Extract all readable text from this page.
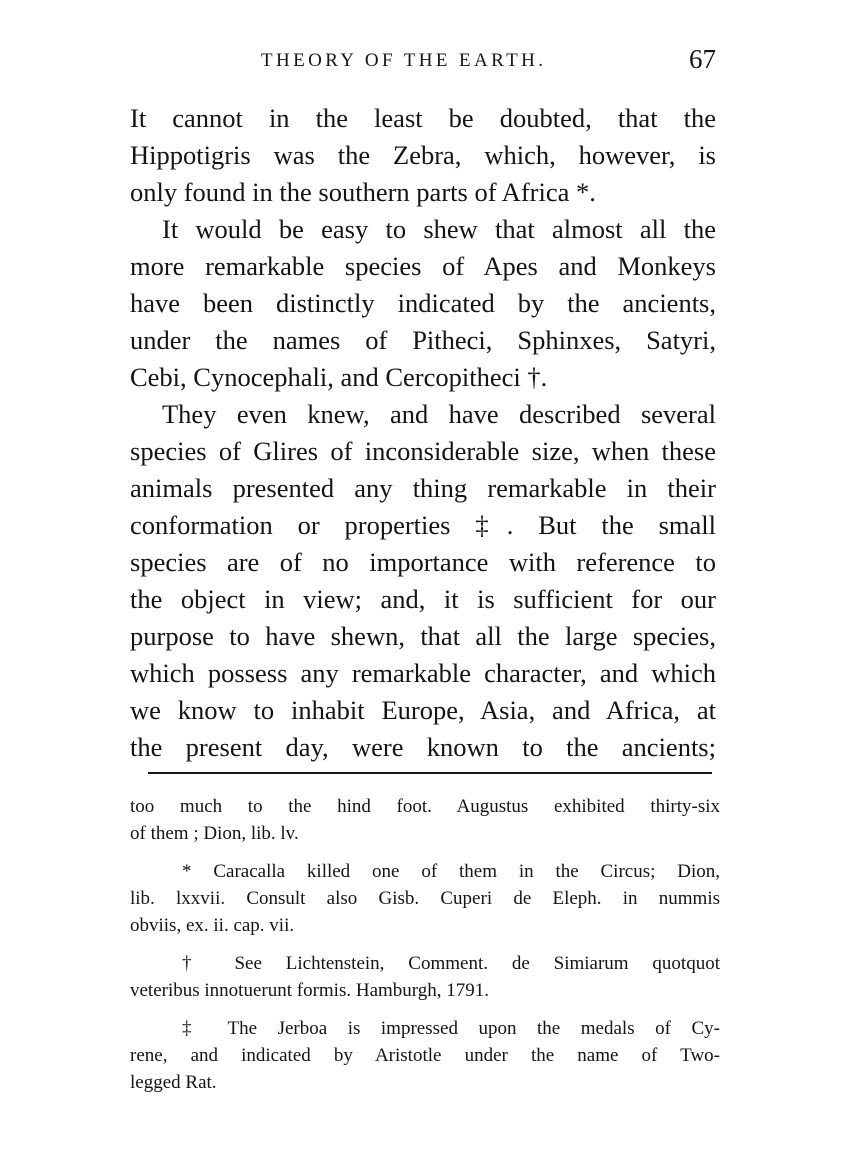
THEORY OF THE EARTH.	67
It cannot in the least be doubted, that the
Hippotigris was the Zebra, which, however, is
only found in the southern parts of Africa *.
It would be easy to shew that almost all the
more remarkable species of Apes and Monkeys
have been distinctly indicated by the ancients,
under the names of Pitheci, Sphinxes, Satyri,
Cebi, Cynocephali, and Cercopitheci †.
They even knew, and have described several
species of Glires of inconsiderable size, when these
animals presented any thing remarkable in their
conformation or properties ‡. But the small
species are of no importance with reference to
the object in view; and, it is sufficient for our
purpose to have shewn, that all the large species,
which possess any remarkable character, and which
we know to inhabit Europe, Asia, and Africa, at
the present day, were known to the ancients;
too much to the hind foot. Augustus exhibited thirty-six
of them ; Dion, lib. lv.
* Caracalla killed one of them in the Circus; Dion,
lib. lxxvii. Consult also Gisb. Cuperi de Eleph. in nummis
obviis, ex. ii. cap. vii.
† See Lichtenstein, Comment. de Simiarum quotquot
veteribus innotuerunt formis. Hamburgh, 1791.
‡ The Jerboa is impressed upon the medals of Cy-
rene, and indicated by Aristotle under the name of Two-
legged Rat.
